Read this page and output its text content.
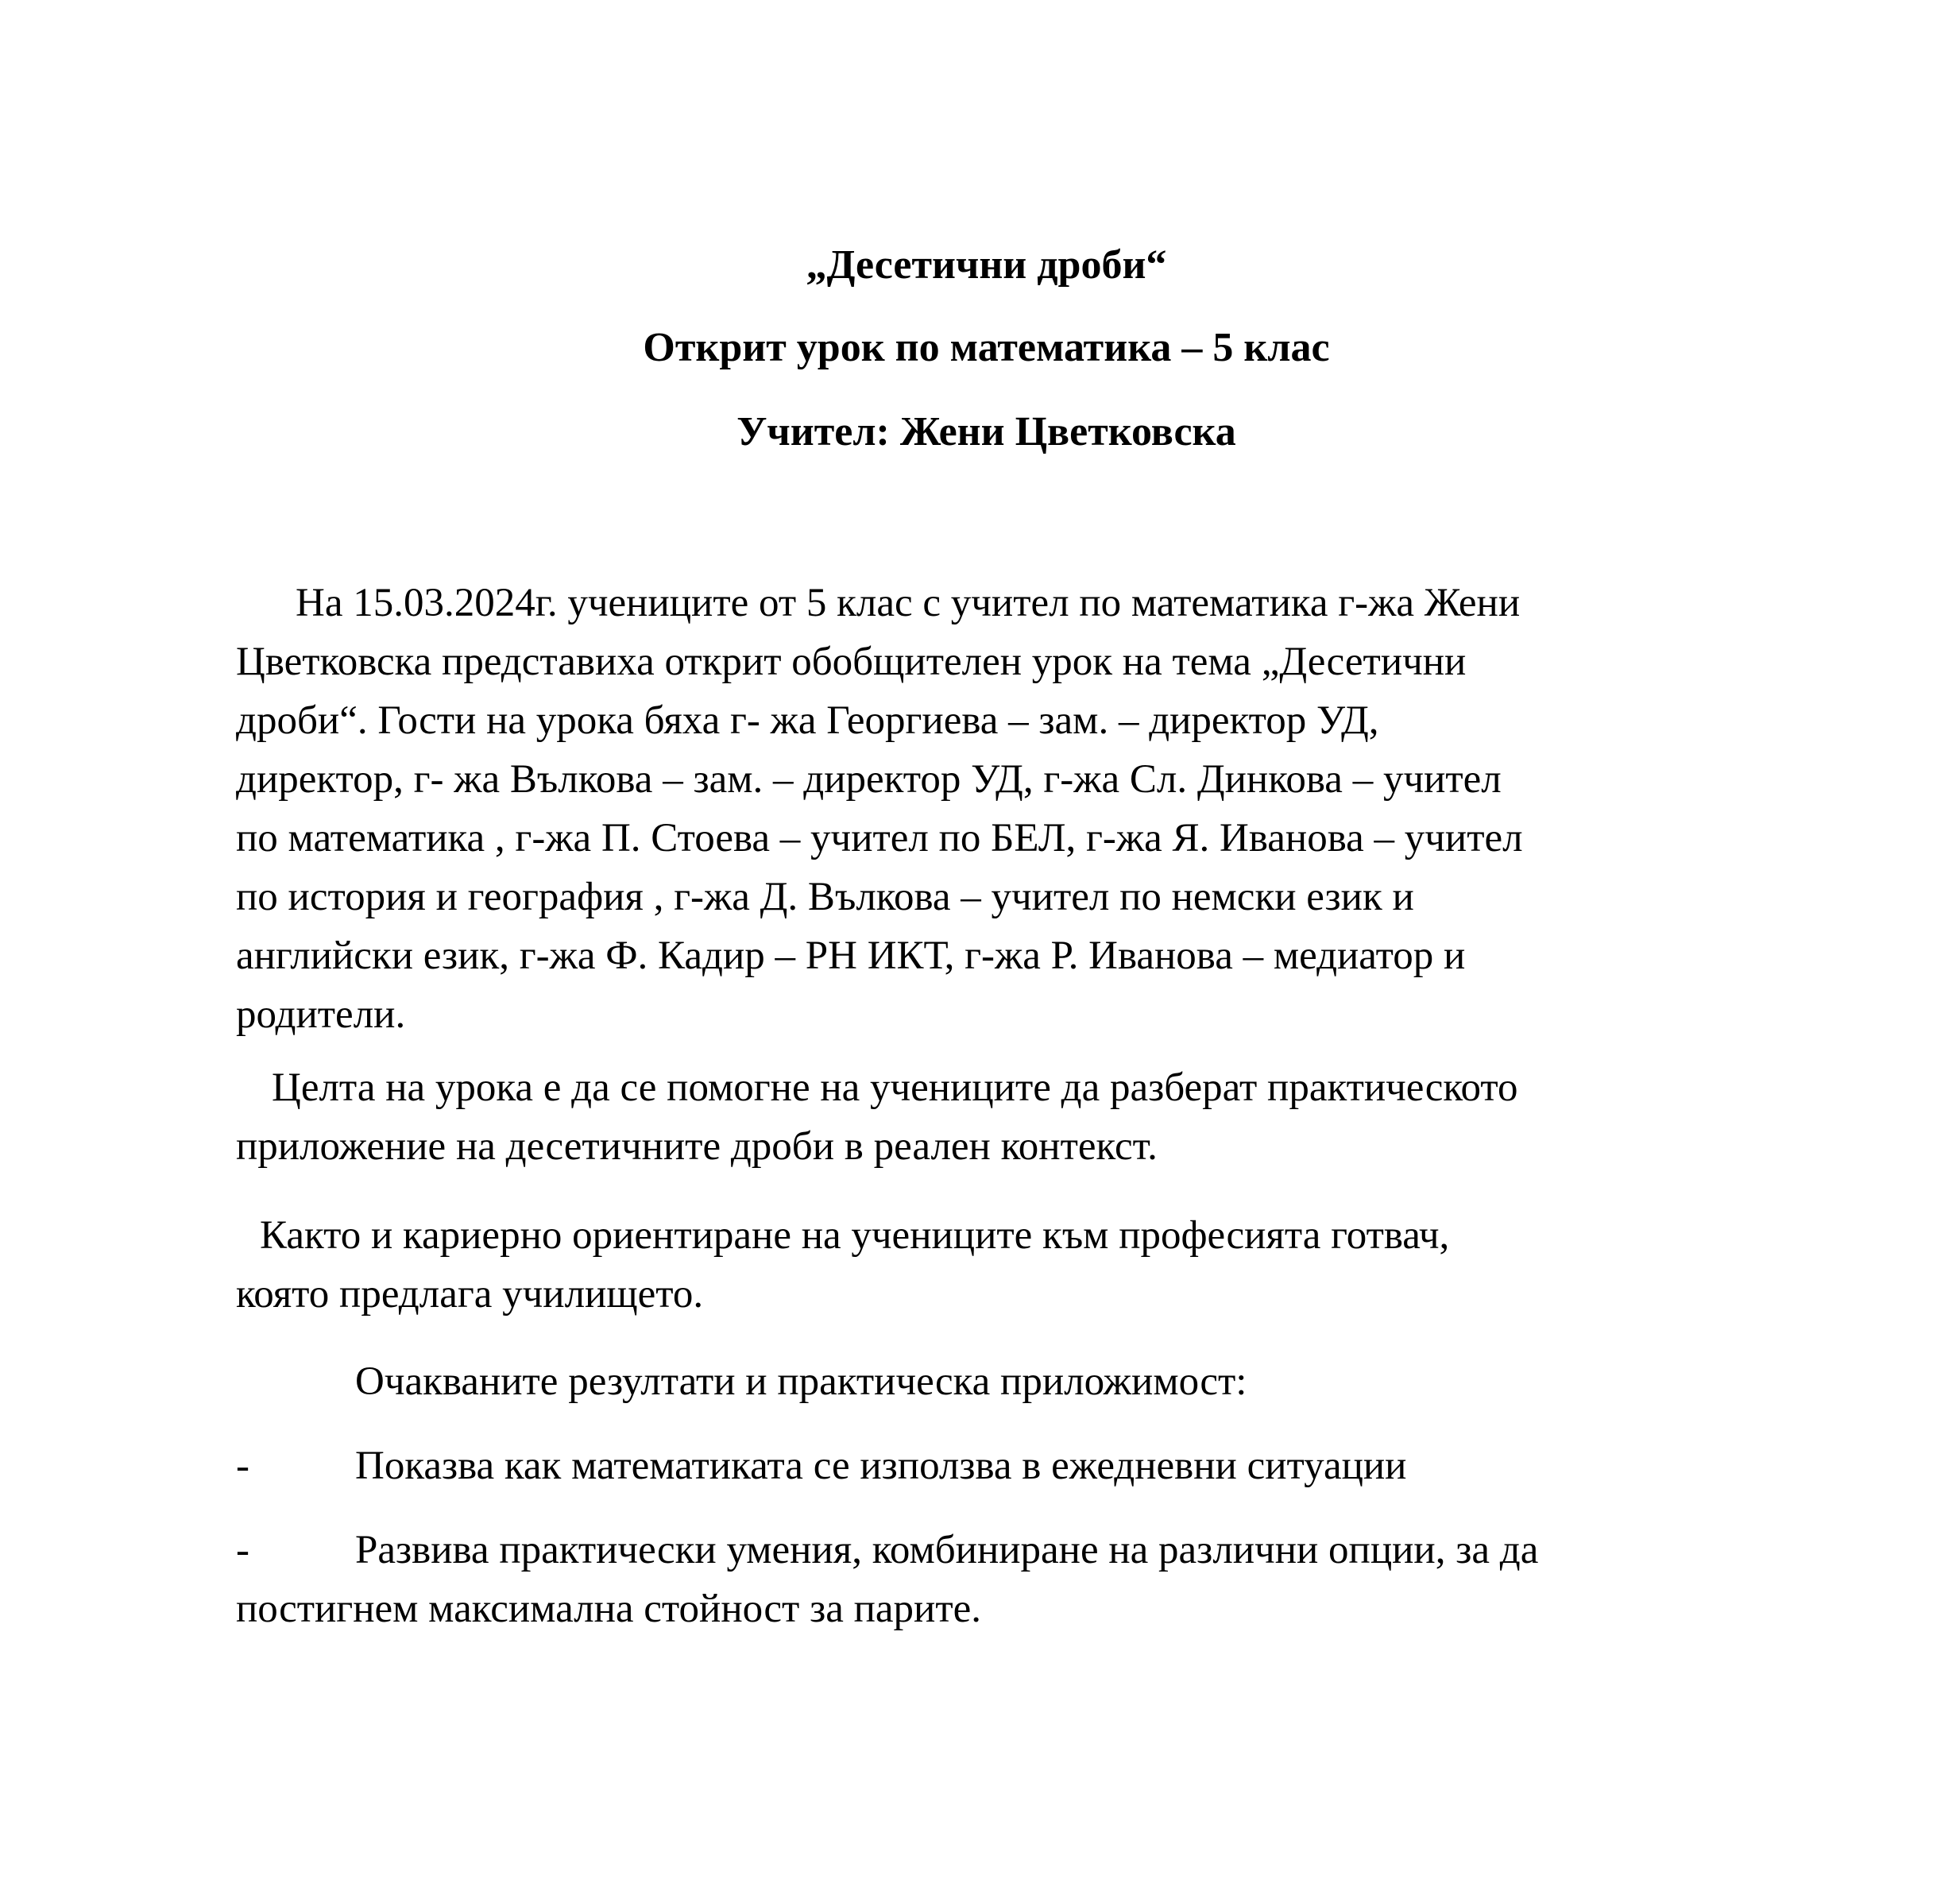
„Десетични дроби“
Открит урок по математика – 5 клас
Учител: Жени Цветковска
На 15.03.2024г. учениците от 5 клас с учител по математика г-жа Жени
Цветковска представиха открит обобщителен урок на тема „Десетични
дроби“. Гости на урока бяха г- жа Георгиева – зам. – директор УД,
директор, г- жа Вълкова – зам. – директор УД, г-жа Сл. Динкова – учител
по математика , г-жа П. Стоева – учител по БЕЛ, г-жа Я. Иванова – учител
по история и география , г-жа Д. Вълкова – учител по немски език и
английски език, г-жа Ф. Кадир – РН ИКТ, г-жа Р. Иванова – медиатор и
родители.
Целта на урока е да се помогне на учениците да разберат практическото
приложение на десетичните дроби в реален контекст.
Както и кариерно ориентиране на учениците към професията готвач,
която предлага училището.
Очакваните резултати и практическа приложимост:
-	Показва как математиката се използва в ежедневни ситуации
-	Развива практически умения, комбиниране на различни опции, за да
постигнем максимална стойност за парите.
